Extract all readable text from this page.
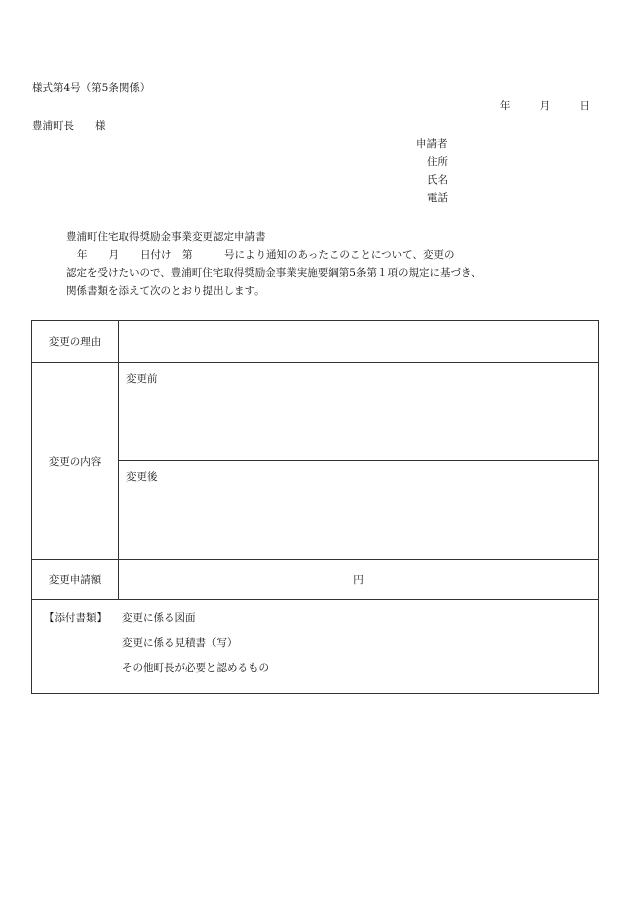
様式第4号（第5条関係）
年	月	日
豊浦町長　　様
申請者
住所
氏名
電話
豊浦町住宅取得奨励金事業変更認定申請書
年　　月　　日付け　第　　　号により通知のあったこのことについて、変更の
認定を受けたいので、豊浦町住宅取得奨励金事業実施要綱第5条第１項の規定に基づき、
関係書類を添えて次のとおり提出します。
変更の理由	
変更の内容	変更前
	変更後
変更申請額	円

【添付書類】 変更に係る図面
変更に係る見積書（写）
その他町長が必要と認めるもの	
